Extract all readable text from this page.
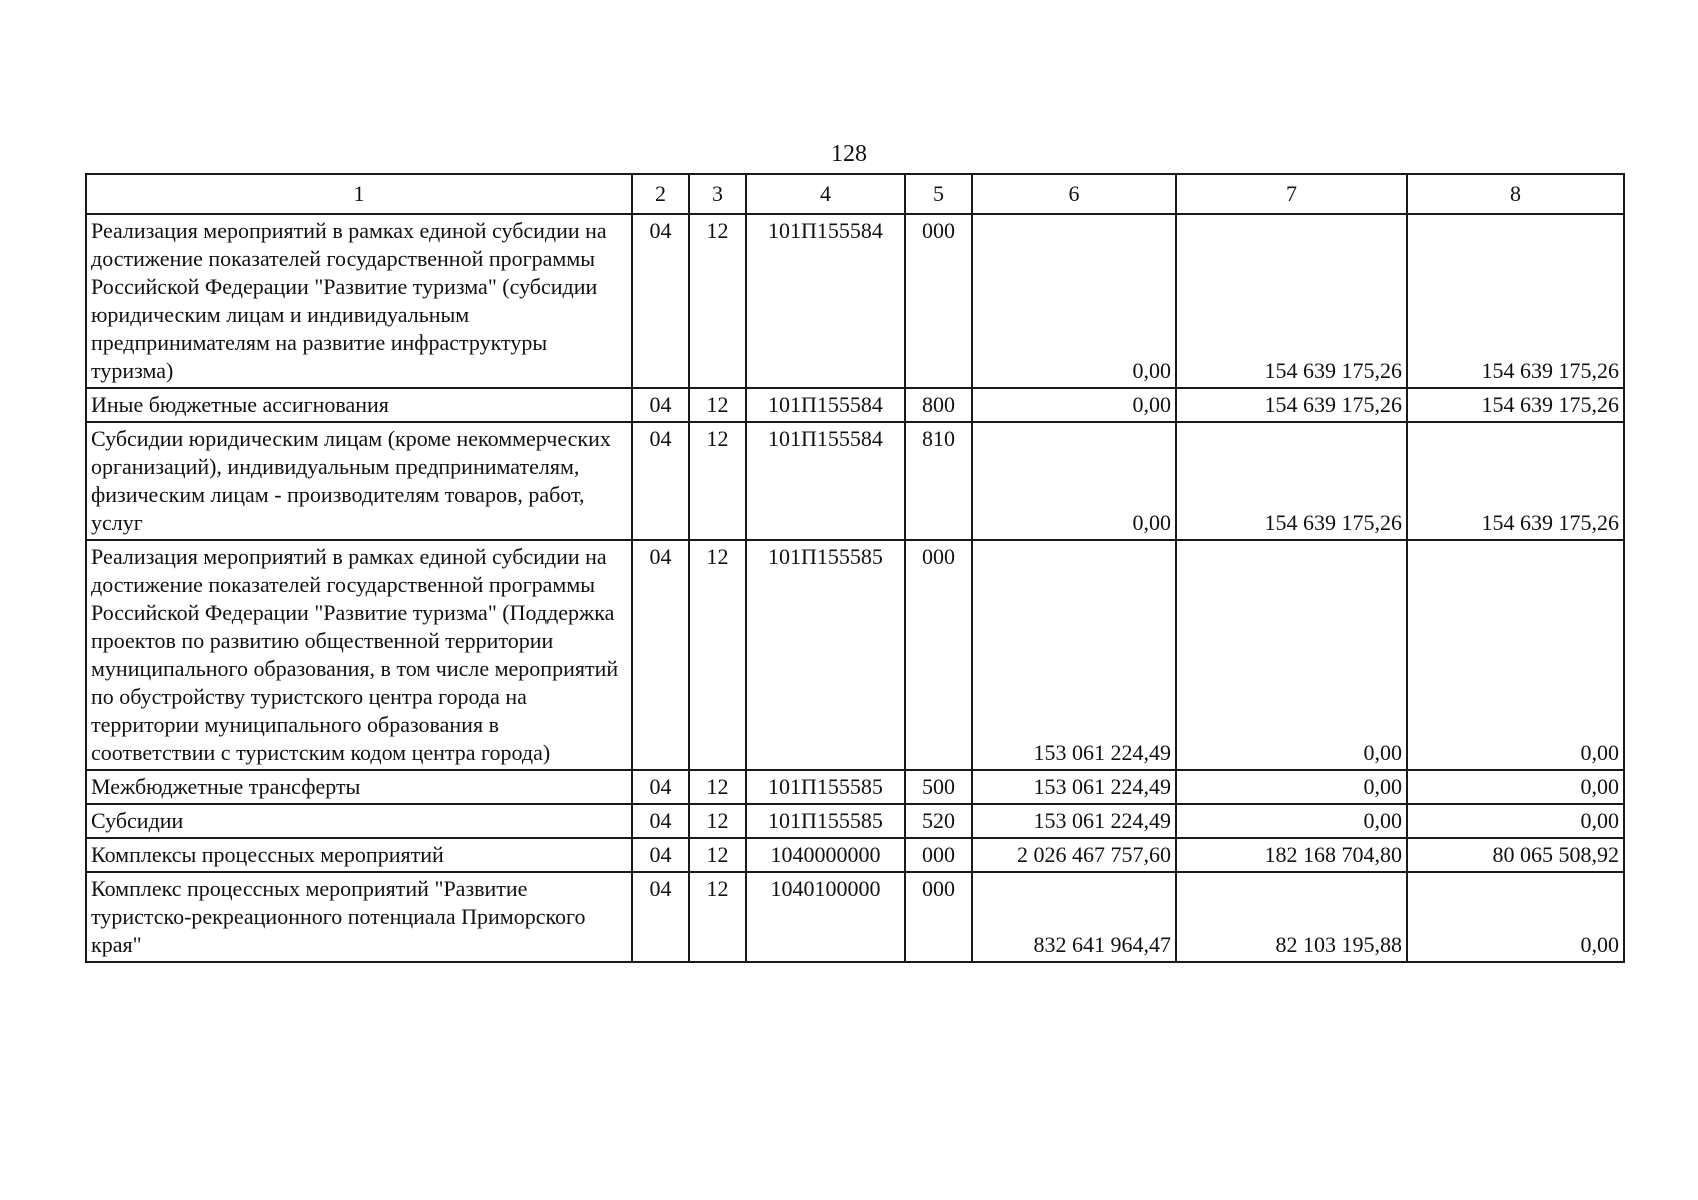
128
1	2	3	4	5	6	7	8
Реализация мероприятий в рамках единой субсидии на достижение показателей государственной программы Российской Федерации "Развитие туризма" (субсидии юридическим лицам и индивидуальным предпринимателям на развитие инфраструктуры туризма)	04	12	101П155584	000	0,00	154 639 175,26	154 639 175,26
Иные бюджетные ассигнования	04	12	101П155584	800	0,00	154 639 175,26	154 639 175,26
Субсидии юридическим лицам (кроме некоммерческих организаций), индивидуальным предпринимателям, физическим лицам - производителям товаров, работ, услуг	04	12	101П155584	810	0,00	154 639 175,26	154 639 175,26
Реализация мероприятий в рамках единой субсидии на достижение показателей государственной программы Российской Федерации "Развитие туризма" (Поддержка проектов по развитию общественной территории муниципального образования, в том числе мероприятий по обустройству туристского центра города на территории муниципального образования в соответствии с туристским кодом центра города)	04	12	101П155585	000	153 061 224,49	0,00	0,00
Межбюджетные трансферты	04	12	101П155585	500	153 061 224,49	0,00	0,00
Субсидии	04	12	101П155585	520	153 061 224,49	0,00	0,00
Комплексы процессных мероприятий	04	12	1040000000	000	2 026 467 757,60	182 168 704,80	80 065 508,92
Комплекс процессных мероприятий "Развитие туристско-рекреационного потенциала Приморского края"	04	12	1040100000	000	832 641 964,47	82 103 195,88	0,00
